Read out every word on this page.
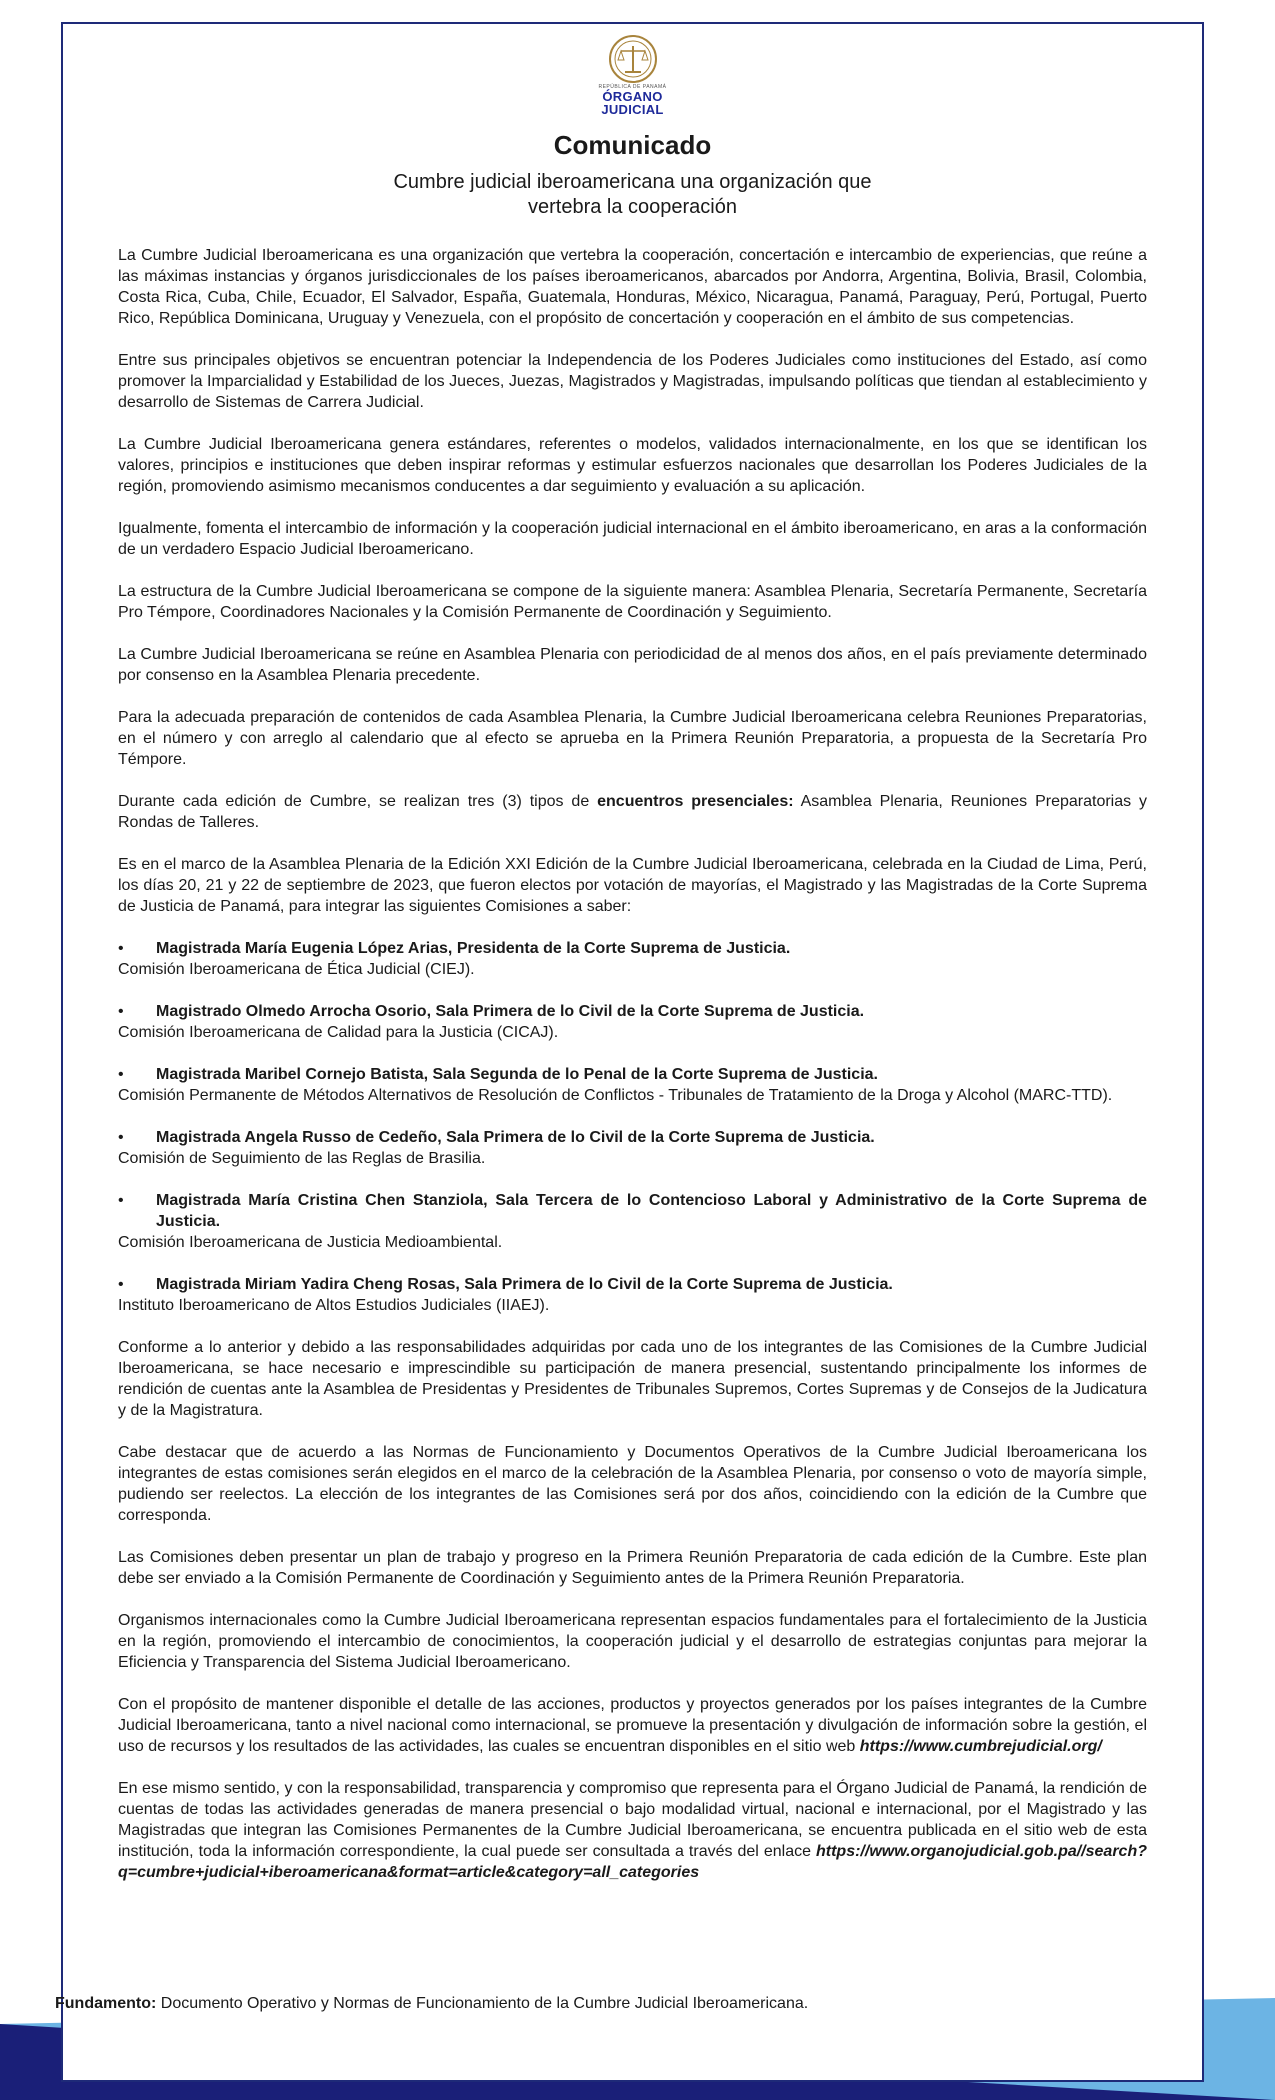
REPÚBLICA DE PANAMÁ
ÓRGANO
JUDICIAL
Comunicado
Cumbre judicial iberoamericana una organización que vertebra la cooperación

La Cumbre Judicial Iberoamericana es una organización que vertebra la cooperación, concertación e intercambio de experiencias, que reúne a las máximas instancias y órganos jurisdiccionales de los países iberoamericanos, abarcados por Andorra, Argentina, Bolivia, Brasil, Colombia, Costa Rica, Cuba, Chile, Ecuador, El Salvador, España, Guatemala, Honduras, México, Nicaragua, Panamá, Paraguay, Perú, Portugal, Puerto Rico, República Dominicana, Uruguay y Venezuela, con el propósito de concertación y cooperación en el ámbito de sus competencias.

Entre sus principales objetivos se encuentran potenciar la Independencia de los Poderes Judiciales como instituciones del Estado, así como promover la Imparcialidad y Estabilidad de los Jueces, Juezas, Magistrados y Magistradas, impulsando políticas que tiendan al establecimiento y desarrollo de Sistemas de Carrera Judicial.

La Cumbre Judicial Iberoamericana genera estándares, referentes o modelos, validados internacionalmente, en los que se identifican los valores, principios e instituciones que deben inspirar reformas y estimular esfuerzos nacionales que desarrollan los Poderes Judiciales de la región, promoviendo asimismo mecanismos conducentes a dar seguimiento y evaluación a su aplicación.

Igualmente, fomenta el intercambio de información y la cooperación judicial internacional en el ámbito iberoamericano, en aras a la conformación de un verdadero Espacio Judicial Iberoamericano.

La estructura de la Cumbre Judicial Iberoamericana se compone de la siguiente manera: Asamblea Plenaria, Secretaría Permanente, Secretaría Pro Témpore, Coordinadores Nacionales y la Comisión Permanente de Coordinación y Seguimiento.

La Cumbre Judicial Iberoamericana se reúne en Asamblea Plenaria con periodicidad de al menos dos años, en el país previamente determinado por consenso en la Asamblea Plenaria precedente.

Para la adecuada preparación de contenidos de cada Asamblea Plenaria, la Cumbre Judicial Iberoamericana celebra Reuniones Preparatorias, en el número y con arreglo al calendario que al efecto se aprueba en la Primera Reunión Preparatoria, a propuesta de la Secretaría Pro Témpore.

Durante cada edición de Cumbre, se realizan tres (3) tipos de encuentros presenciales: Asamblea Plenaria, Reuniones Preparatorias y Rondas de Talleres.

Es en el marco de la Asamblea Plenaria de la Edición XXI Edición de la Cumbre Judicial Iberoamericana, celebrada en la Ciudad de Lima, Perú, los días 20, 21 y 22 de septiembre de 2023, que fueron electos por votación de mayorías, el Magistrado y las Magistradas de la Corte Suprema de Justicia de Panamá, para integrar las siguientes Comisiones a saber:

•	Magistrada María Eugenia López Arias, Presidenta de la Corte Suprema de Justicia.
Comisión Iberoamericana de Ética Judicial (CIEJ).
•	Magistrado Olmedo Arrocha Osorio, Sala Primera de lo Civil de la Corte Suprema de Justicia.
Comisión Iberoamericana de Calidad para la Justicia (CICAJ).
•	Magistrada Maribel Cornejo Batista, Sala Segunda de lo Penal de la Corte Suprema de Justicia.
Comisión Permanente de Métodos Alternativos de Resolución de Conflictos - Tribunales de Tratamiento de la Droga y Alcohol (MARC-TTD).
•	Magistrada Angela Russo de Cedeño, Sala Primera de lo Civil de la Corte Suprema de Justicia.
Comisión de Seguimiento de las Reglas de Brasilia.
•	Magistrada María Cristina Chen Stanziola, Sala Tercera de lo Contencioso Laboral y Administrativo de la Corte Suprema de Justicia.
Comisión Iberoamericana de Justicia Medioambiental.
•	Magistrada Miriam Yadira Cheng Rosas, Sala Primera de lo Civil de la Corte Suprema de Justicia.
Instituto Iberoamericano de Altos Estudios Judiciales (IIAEJ).

Conforme a lo anterior y debido a las responsabilidades adquiridas por cada uno de los integrantes de las Comisiones de la Cumbre Judicial Iberoamericana, se hace necesario e imprescindible su participación de manera presencial, sustentando principalmente los informes de rendición de cuentas ante la Asamblea de Presidentas y Presidentes de Tribunales Supremos, Cortes Supremas y de Consejos de la Judicatura y de la Magistratura.

Cabe destacar que de acuerdo a las Normas de Funcionamiento y Documentos Operativos de la Cumbre Judicial Iberoamericana los integrantes de estas comisiones serán elegidos en el marco de la celebración de la Asamblea Plenaria, por consenso o voto de mayoría simple, pudiendo ser reelectos. La elección de los integrantes de las Comisiones será por dos años, coincidiendo con la edición de la Cumbre que corresponda.

Las Comisiones deben presentar un plan de trabajo y progreso en la Primera Reunión Preparatoria de cada edición de la Cumbre. Este plan debe ser enviado a la Comisión Permanente de Coordinación y Seguimiento antes de la Primera Reunión Preparatoria.

Organismos internacionales como la Cumbre Judicial Iberoamericana representan espacios fundamentales para el fortalecimiento de la Justicia en la región, promoviendo el intercambio de conocimientos, la cooperación judicial y el desarrollo de estrategias conjuntas para mejorar la Eficiencia y Transparencia del Sistema Judicial Iberoamericano.

Con el propósito de mantener disponible el detalle de las acciones, productos y proyectos generados por los países integrantes de la Cumbre Judicial Iberoamericana, tanto a nivel nacional como internacional, se promueve la presentación y divulgación de información sobre la gestión, el uso de recursos y los resultados de las actividades, las cuales se encuentran disponibles en el sitio web https://www.cumbrejudicial.org/

En ese mismo sentido, y con la responsabilidad, transparencia y compromiso que representa para el Órgano Judicial de Panamá, la rendición de cuentas de todas las actividades generadas de manera presencial o bajo modalidad virtual, nacional e internacional, por el Magistrado y las Magistradas que integran las Comisiones Permanentes de la Cumbre Judicial Iberoamericana, se encuentra publicada en el sitio web de esta institución, toda la información correspondiente, la cual puede ser consultada a través del enlace https://www.organojudicial.gob.pa//search?q=cumbre+judicial+iberoamericana&format=article&category=all_categories

Fundamento: Documento Operativo y Normas de Funcionamiento de la Cumbre Judicial Iberoamericana.
